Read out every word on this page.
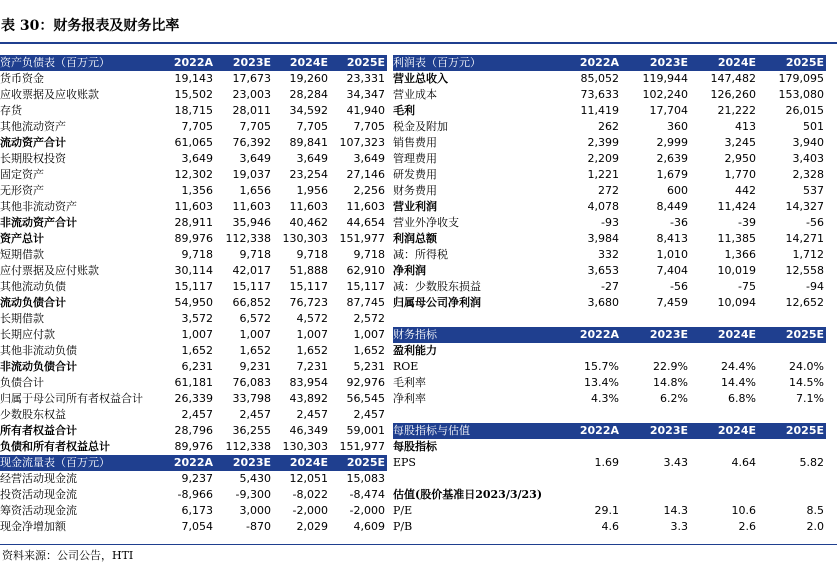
表 30：财务报表及财务比率
资产负债表（百万元）	2022A	2023E	2024E	2025E
货币资金	19,143	17,673	19,260	23,331
应收票据及应收账款	15,502	23,003	28,284	34,347
存货	18,715	28,011	34,592	41,940
其他流动资产	7,705	7,705	7,705	7,705
流动资产合计	61,065	76,392	89,841	107,323
长期股权投资	3,649	3,649	3,649	3,649
固定资产	12,302	19,037	23,254	27,146
无形资产	1,356	1,656	1,956	2,256
其他非流动资产	11,603	11,603	11,603	11,603
非流动资产合计	28,911	35,946	40,462	44,654
资产总计	89,976	112,338	130,303	151,977
短期借款	9,718	9,718	9,718	9,718
应付票据及应付账款	30,114	42,017	51,888	62,910
其他流动负债	15,117	15,117	15,117	15,117
流动负债合计	54,950	66,852	76,723	87,745
长期借款	3,572	6,572	4,572	2,572
长期应付款	1,007	1,007	1,007	1,007
其他非流动负债	1,652	1,652	1,652	1,652
非流动负债合计	6,231	9,231	7,231	5,231
负债合计	61,181	76,083	83,954	92,976
归属于母公司所有者权益合计	26,339	33,798	43,892	56,545
少数股东权益	2,457	2,457	2,457	2,457
所有者权益合计	28,796	36,255	46,349	59,001
负债和所有者权益总计	89,976	112,338	130,303	151,977
现金流量表（百万元）	2022A	2023E	2024E	2025E
经营活动现金流	9,237	5,430	12,051	15,083
投资活动现金流	-8,966	-9,300	-8,022	-8,474
筹资活动现金流	6,173	3,000	-2,000	-2,000
现金净增加额	7,054	-870	2,029	4,609
利润表（百万元）	2022A	2023E	2024E	2025E
营业总收入	85,052	119,944	147,482	179,095
营业成本	73,633	102,240	126,260	153,080
毛利	11,419	17,704	21,222	26,015
税金及附加	262	360	413	501
销售费用	2,399	2,999	3,245	3,940
管理费用	2,209	2,639	2,950	3,403
研发费用	1,221	1,679	1,770	2,328
财务费用	272	600	442	537
营业利润	4,078	8,449	11,424	14,327
营业外净收支	-93	-36	-39	-56
利润总额	3,984	8,413	11,385	14,271
减：所得税	332	1,010	1,366	1,712
净利润	3,653	7,404	10,019	12,558
减：少数股东损益	-27	-56	-75	-94
归属母公司净利润	3,680	7,459	10,094	12,652
财务指标	2022A	2023E	2024E	2025E
盈利能力				
ROE	15.7%	22.9%	24.4%	24.0%
毛利率	13.4%	14.8%	14.4%	14.5%
净利率	4.3%	6.2%	6.8%	7.1%
每股指标与估值	2022A	2023E	2024E	2025E
每股指标				
EPS	1.69	3.43	4.64	5.82

估值(股价基准日2023/3/23)				
P/E	29.1	14.3	10.6	8.5
P/B	4.6	3.3	2.6	2.0
资料来源：公司公告，HTI
